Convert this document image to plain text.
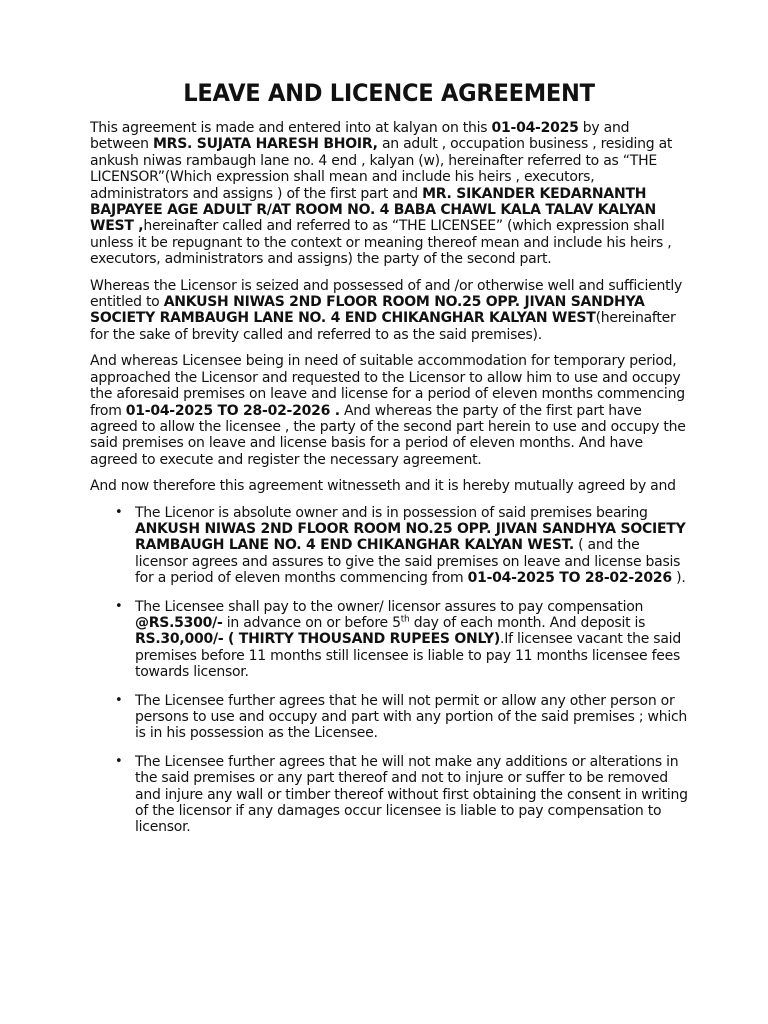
LEAVE AND LICENCE AGREEMENT

This agreement is made and entered into at kalyan on this 01-04-2025 by and between MRS. SUJATA HARESH BHOIR, an adult , occupation business , residing at ankush niwas rambaugh lane no. 4 end , kalyan (w), hereinafter referred to as “THE LICENSOR”(Which expression shall mean and include his heirs , executors, administrators and assigns ) of the first part and MR. SIKANDER KEDARNANTH BAJPAYEE AGE ADULT R/AT ROOM NO. 4 BABA CHAWL KALA TALAV KALYAN WEST ,hereinafter called and referred to as “THE LICENSEE” (which expression shall unless it be repugnant to the context or meaning thereof mean and include his heirs , executors, administrators and assigns) the party of the second part.

Whereas the Licensor is seized and possessed of and /or otherwise well and sufficiently entitled to ANKUSH NIWAS 2ND FLOOR ROOM NO.25 OPP. JIVAN SANDHYA SOCIETY RAMBAUGH LANE NO. 4 END CHIKANGHAR KALYAN WEST(hereinafter for the sake of brevity called and referred to as the said premises).

And whereas Licensee being in need of suitable accommodation for temporary period, approached the Licensor and requested to the Licensor to allow him to use and occupy the aforesaid premises on leave and license for a period of eleven months commencing from 01-04-2025 TO 28-02-2026 . And whereas the party of the first part have agreed to allow the licensee , the party of the second part herein to use and occupy the said premises on leave and license basis for a period of eleven months. And have agreed to execute and register the necessary agreement.

And now therefore this agreement witnesseth and it is hereby mutually agreed by and

• The Licenor is absolute owner and is in possession of said premises bearing ANKUSH NIWAS 2ND FLOOR ROOM NO.25 OPP. JIVAN SANDHYA SOCIETY RAMBAUGH LANE NO. 4 END CHIKANGHAR KALYAN WEST. ( and the licensor agrees and assures to give the said premises on leave and license basis for a period of eleven months commencing from 01-04-2025 TO 28-02-2026 ).
• The Licensee shall pay to the owner/ licensor assures to pay compensation @RS.5300/- in advance on or before 5th day of each month. And deposit is RS.30,000/- ( THIRTY THOUSAND RUPEES ONLY).If licensee vacant the said premises before 11 months still licensee is liable to pay 11 months licensee fees towards licensor.
• The Licensee further agrees that he will not permit or allow any other person or persons to use and occupy and part with any portion of the said premises ; which is in his possession as the Licensee.
• The Licensee further agrees that he will not make any additions or alterations in the said premises or any part thereof and not to injure or suffer to be removed and injure any wall or timber thereof without first obtaining the consent in writing of the licensor if any damages occur licensee is liable to pay compensation to licensor.
